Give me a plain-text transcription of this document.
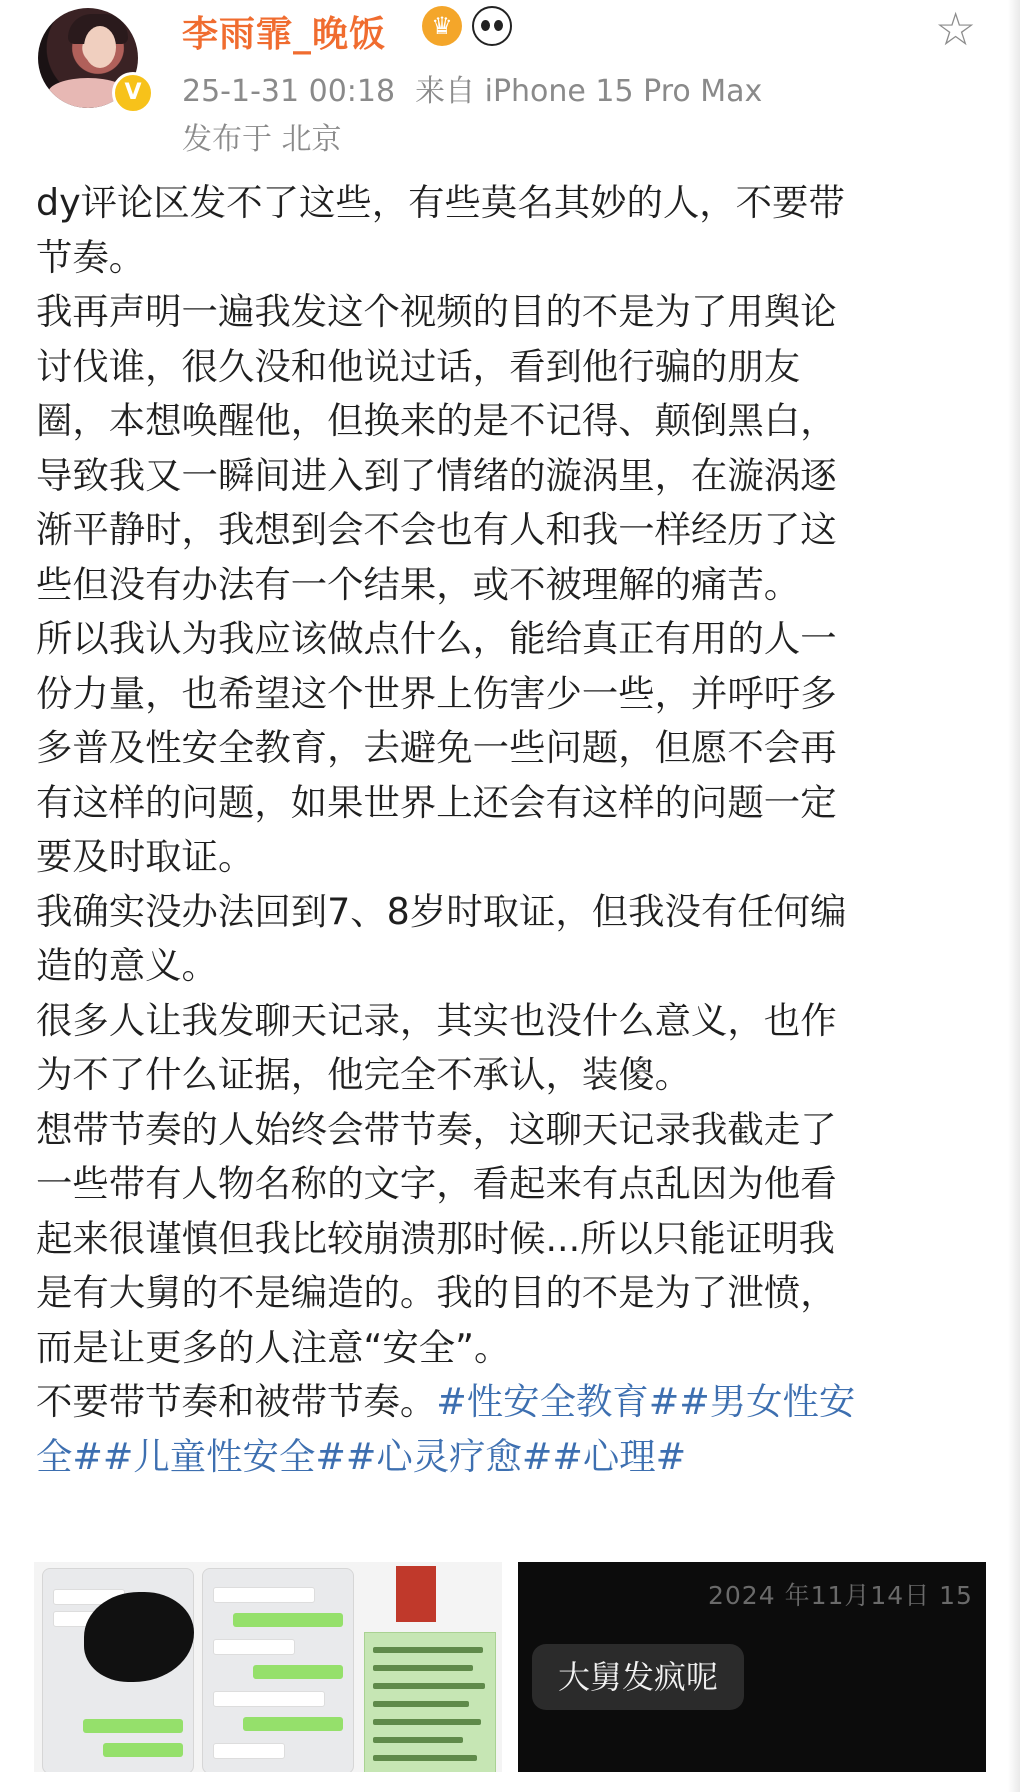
V
李雨霏_晚饭	♛	☆
25-1-31 00:18 来自 iPhone 15 Pro Max
发布于 北京
dy评论区发不了这些，有些莫名其妙的人，不要带
节奏。
我再声明一遍我发这个视频的目的不是为了用舆论
讨伐谁，很久没和他说过话，看到他行骗的朋友
圈，本想唤醒他，但换来的是不记得、颠倒黑白，
导致我又一瞬间进入到了情绪的漩涡里，在漩涡逐
渐平静时，我想到会不会也有人和我一样经历了这
些但没有办法有一个结果，或不被理解的痛苦。
所以我认为我应该做点什么，能给真正有用的人一
份力量，也希望这个世界上伤害少一些，并呼吁多
多普及性安全教育，去避免一些问题，但愿不会再
有这样的问题，如果世界上还会有这样的问题一定
要及时取证。
我确实没办法回到7、8岁时取证，但我没有任何编
造的意义。
很多人让我发聊天记录，其实也没什么意义，也作
为不了什么证据，他完全不承认，装傻。
想带节奏的人始终会带节奏，这聊天记录我截走了
一些带有人物名称的文字，看起来有点乱因为他看
起来很谨慎但我比较崩溃那时候...所以只能证明我
是有大舅的不是编造的。我的目的不是为了泄愤，
而是让更多的人注意“安全”。
不要带节奏和被带节奏。#性安全教育##男女性安
全##儿童性安全##心灵疗愈##心理#
2024 年11月14日 15
大舅发疯呢
